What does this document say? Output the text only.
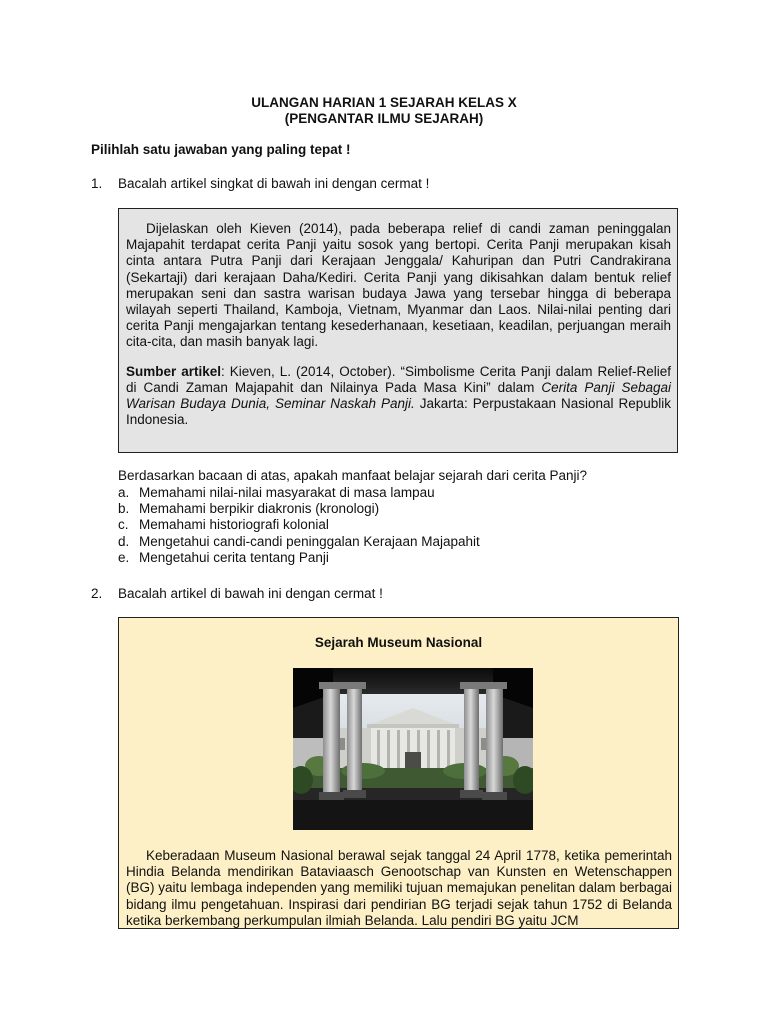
ULANGAN HARIAN 1 SEJARAH KELAS X
(PENGANTAR ILMU SEJARAH)
Pilihlah satu jawaban yang paling tepat !
1. Bacalah artikel singkat di bawah ini dengan cermat !

Dijelaskan oleh Kieven (2014), pada beberapa relief di candi zaman peninggalan Majapahit terdapat cerita Panji yaitu sosok yang bertopi. Cerita Panji merupakan kisah cinta antara Putra Panji dari Kerajaan Jenggala/ Kahuripan dan Putri Candrakirana (Sekartaji) dari kerajaan Daha/Kediri. Cerita Panji yang dikisahkan dalam bentuk relief merupakan seni dan sastra warisan budaya Jawa yang tersebar hingga di beberapa wilayah seperti Thailand, Kamboja, Vietnam, Myanmar dan Laos. Nilai-nilai penting dari cerita Panji mengajarkan tentang kesederhanaan, kesetiaan, keadilan, perjuangan meraih cita-cita, dan masih banyak lagi.

Sumber artikel: Kieven, L. (2014, October). “Simbolisme Cerita Panji dalam Relief-Relief di Candi Zaman Majapahit dan Nilainya Pada Masa Kini” dalam Cerita Panji Sebagai Warisan Budaya Dunia, Seminar Naskah Panji. Jakarta: Perpustakaan Nasional Republik Indonesia.

Berdasarkan bacaan di atas, apakah manfaat belajar sejarah dari cerita Panji?
a. Memahami nilai-nilai masyarakat di masa lampau
b. Memahami berpikir diakronis (kronologi)
c. Memahami historiografi kolonial
d. Mengetahui candi-candi peninggalan Kerajaan Majapahit
e. Mengetahui cerita tentang Panji
2. Bacalah artikel di bawah ini dengan cermat !
Sejarah Museum Nasional
Keberadaan Museum Nasional berawal sejak tanggal 24 April 1778, ketika pemerintah Hindia Belanda mendirikan Bataviaasch Genootschap van Kunsten en Wetenschappen (BG) yaitu lembaga independen yang memiliki tujuan memajukan penelitan dalam berbagai bidang ilmu pengetahuan. Inspirasi dari pendirian BG terjadi sejak tahun 1752 di Belanda ketika berkembang perkumpulan ilmiah Belanda. Lalu pendiri BG yaitu JCM
